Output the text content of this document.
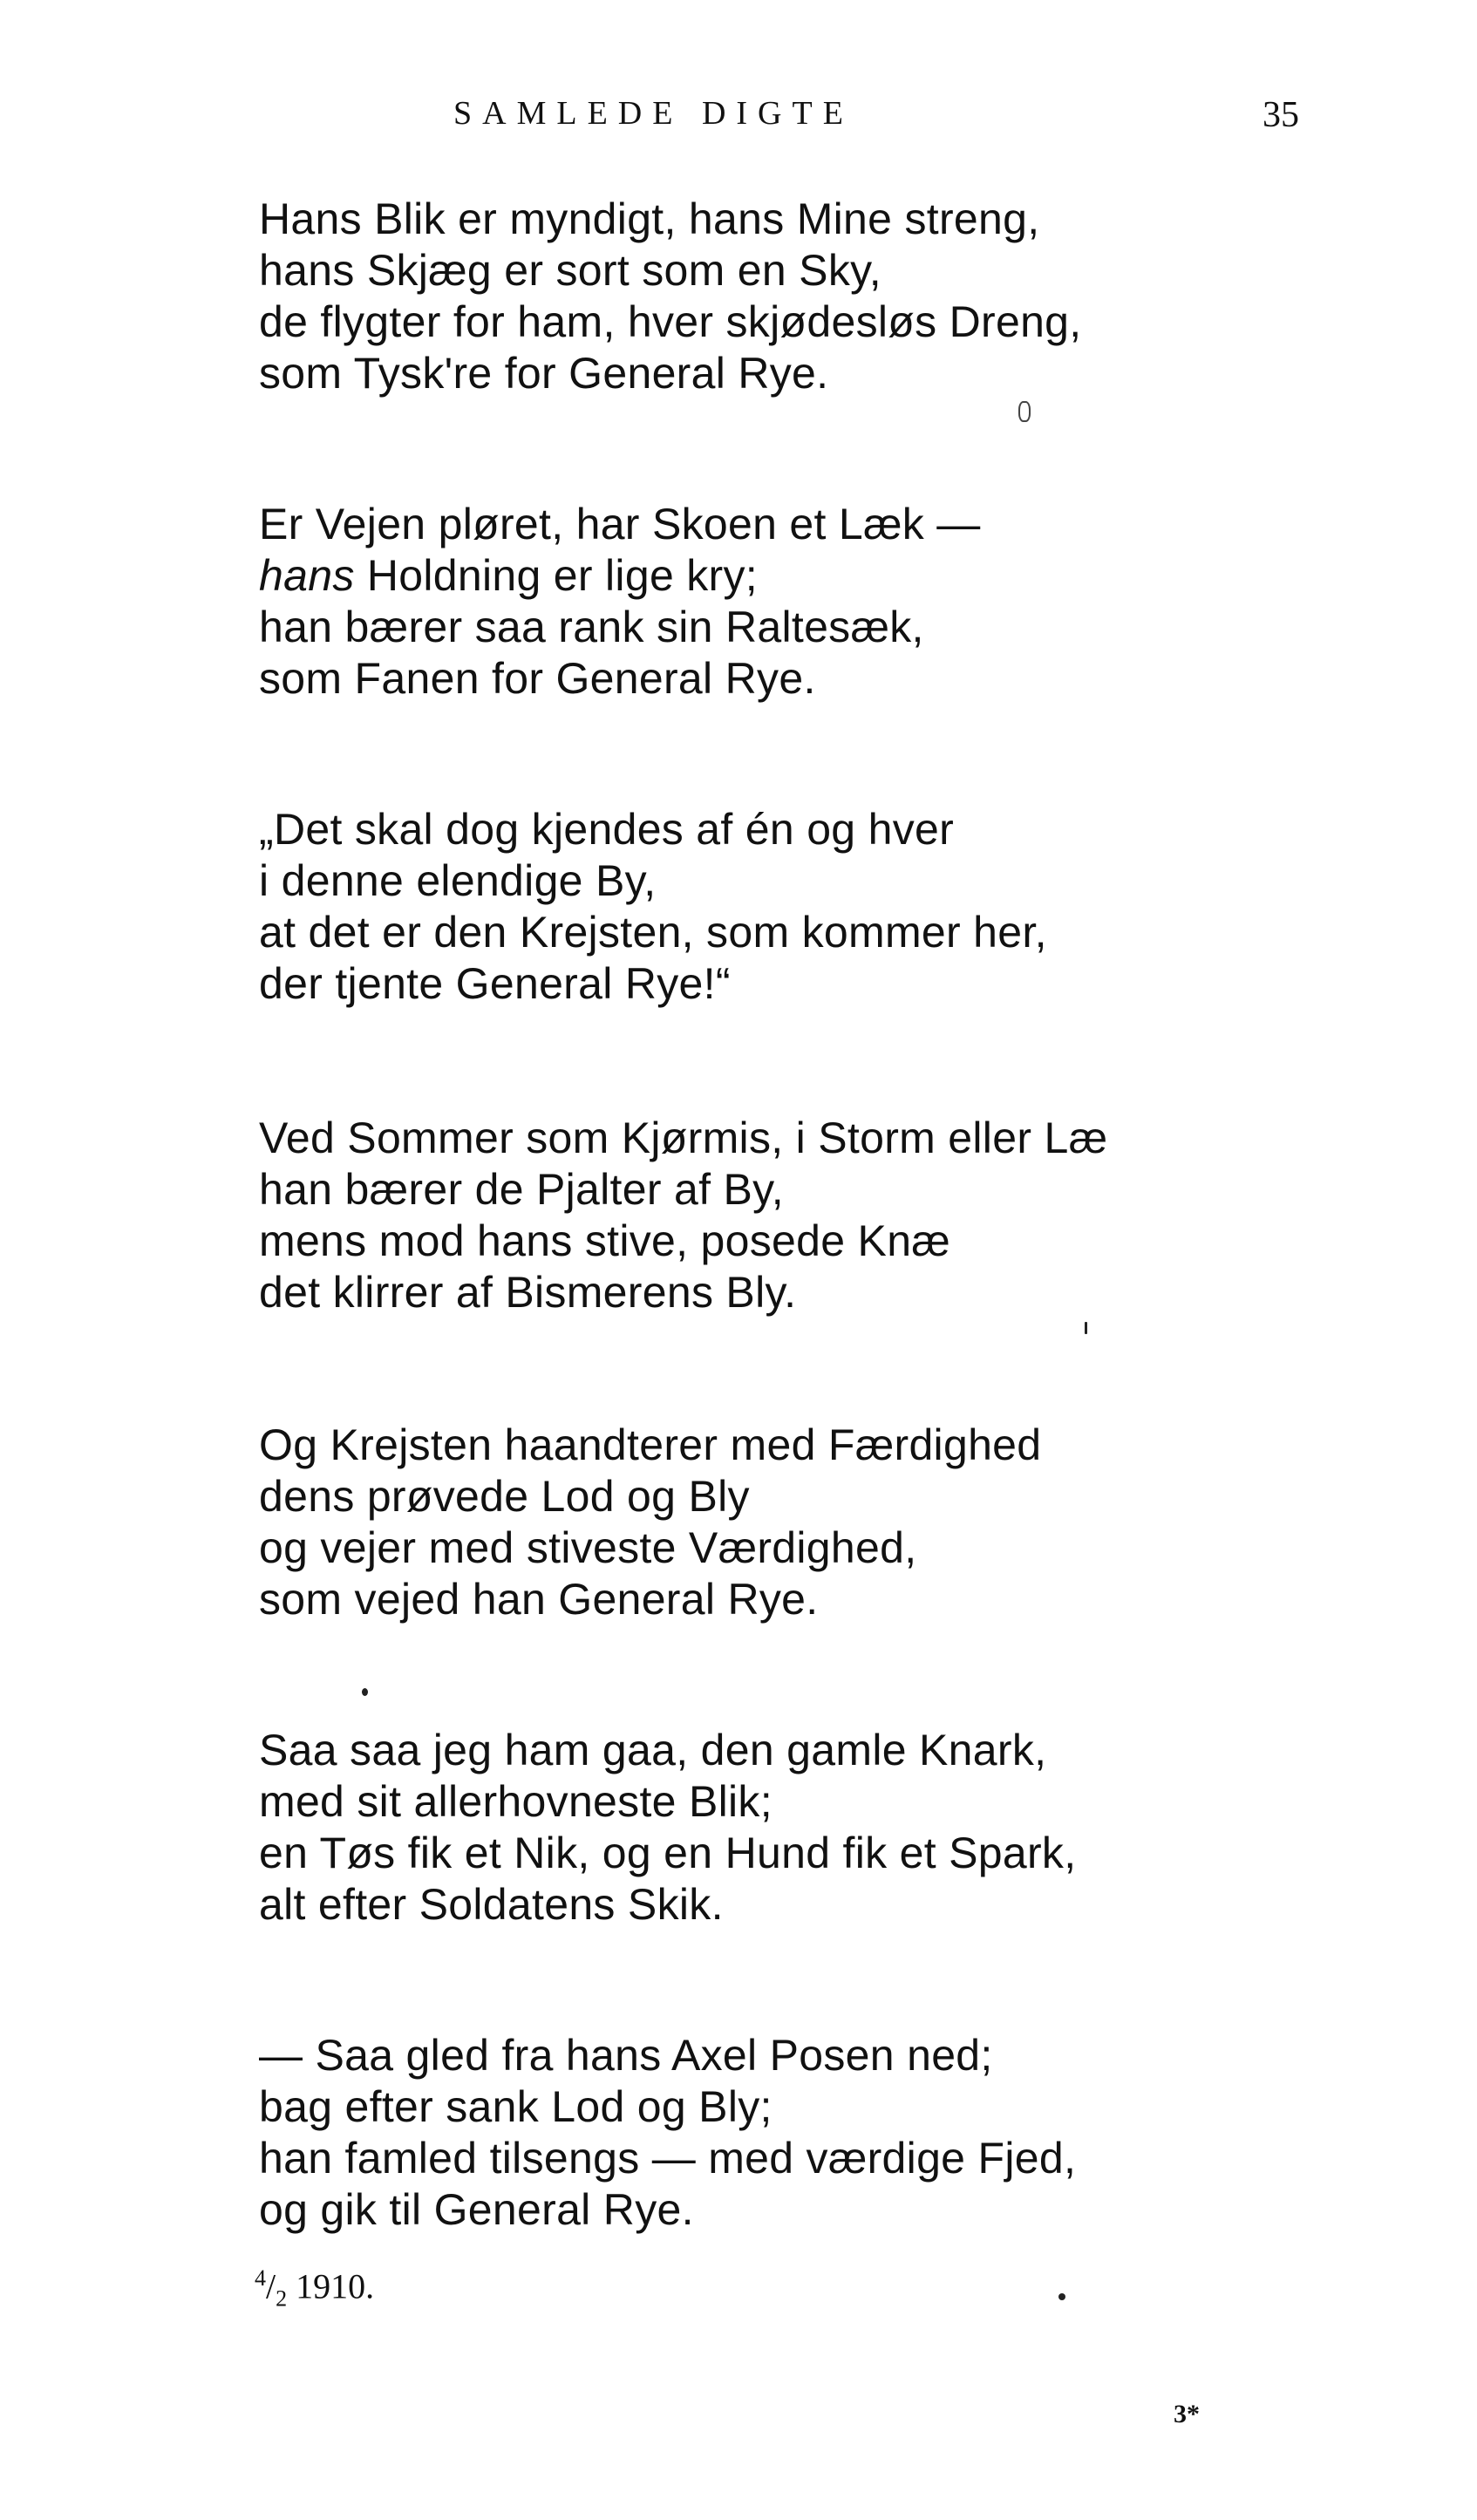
SAMLEDE DIGTE	35
Hans Blik er myndigt, hans Mine streng,
hans Skjæg er sort som en Sky,
de flygter for ham, hver skjødesløs Dreng,
som Tysk're for General Rye.
Er Vejen pløret, har Skoen et Læk —
hans Holdning er lige kry;
han bærer saa rank sin Raltesæk,
som Fanen for General Rye.
„Det skal dog kjendes af én og hver
i denne elendige By,
at det er den Krejsten, som kommer her,
der tjente General Rye!“
Ved Sommer som Kjørmis, i Storm eller Læ
han bærer de Pjalter af By,
mens mod hans stive, posede Knæ
det klirrer af Bismerens Bly.
Og Krejsten haandterer med Færdighed
dens prøvede Lod og Bly
og vejer med stiveste Værdighed,
som vejed han General Rye.
Saa saa jeg ham gaa, den gamle Knark,
med sit allerhovneste Blik;
en Tøs fik et Nik, og en Hund fik et Spark,
alt efter Soldatens Skik.
— Saa gled fra hans Axel Posen ned;
bag efter sank Lod og Bly;
han famled tilsengs — med værdige Fjed,
og gik til General Rye.
$^4/_2$ 1910.
3*
